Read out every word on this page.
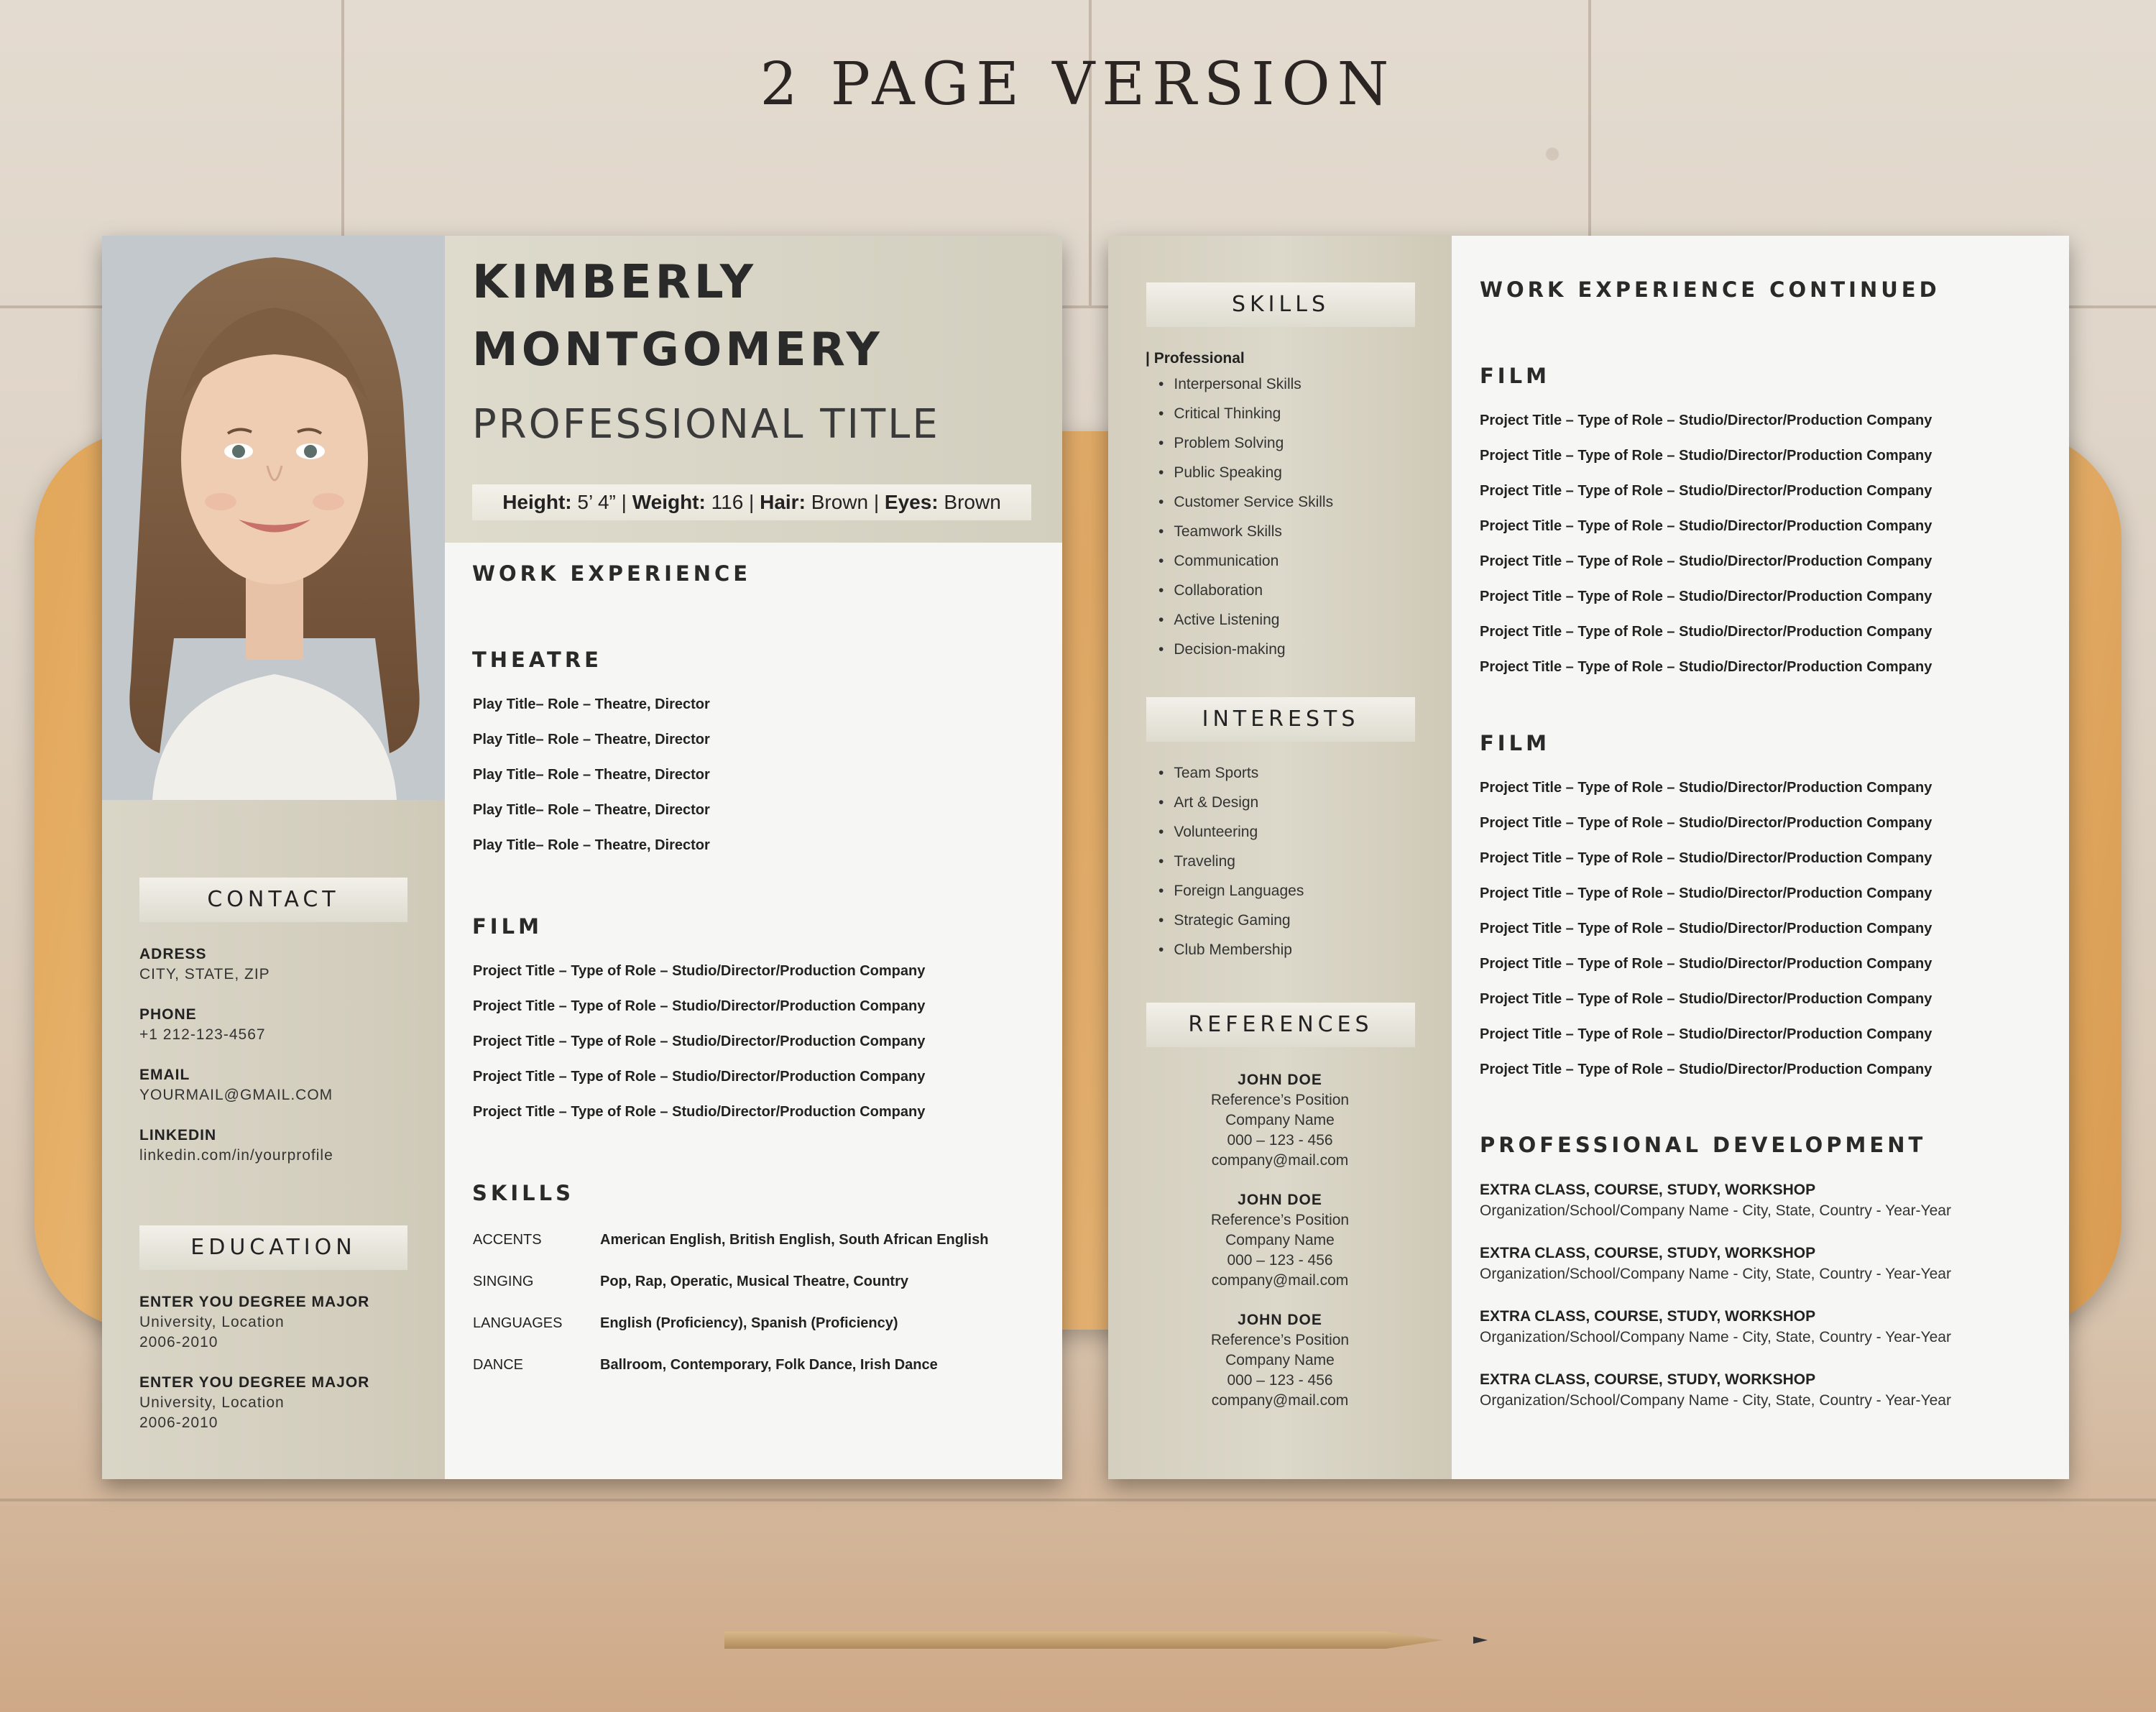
2 PAGE VERSION
KIMBERLY
MONTGOMERY
PROFESSIONAL TITLE
Height: 5’ 4” | Weight: 116 | Hair: Brown | Eyes: Brown
CONTACT
ADRESS
CITY, STATE, ZIP
PHONE
+1 212-123-4567
EMAIL
YOURMAIL@GMAIL.COM
LINKEDIN
linkedin.com/in/yourprofile
EDUCATION
ENTER YOU DEGREE MAJOR
University, Location
2006-2010
ENTER YOU DEGREE MAJOR
University, Location
2006-2010
WORK EXPERIENCE
THEATRE
Play Title– Role – Theatre, Director
Play Title– Role – Theatre, Director
Play Title– Role – Theatre, Director
Play Title– Role – Theatre, Director
Play Title– Role – Theatre, Director
FILM
Project Title – Type of Role – Studio/Director/Production Company
Project Title – Type of Role – Studio/Director/Production Company
Project Title – Type of Role – Studio/Director/Production Company
Project Title – Type of Role – Studio/Director/Production Company
Project Title – Type of Role – Studio/Director/Production Company
SKILLS
ACCENTS	American English, British English, South African English
SINGING	Pop, Rap, Operatic, Musical Theatre, Country
LANGUAGES	English (Proficiency), Spanish (Proficiency)
DANCE	Ballroom, Contemporary, Folk Dance, Irish Dance
SKILLS
| Professional
• Interpersonal Skills
• Critical Thinking
• Problem Solving
• Public Speaking
• Customer Service Skills
• Teamwork Skills
• Communication
• Collaboration
• Active Listening
• Decision-making
INTERESTS
• Team Sports
• Art & Design
• Volunteering
• Traveling
• Foreign Languages
• Strategic Gaming
• Club Membership
REFERENCES
JOHN DOE
Reference’s Position
Company Name
000 – 123 - 456
company@mail.com
JOHN DOE
Reference’s Position
Company Name
000 – 123 - 456
company@mail.com
JOHN DOE
Reference’s Position
Company Name
000 – 123 - 456
company@mail.com
WORK EXPERIENCE CONTINUED
FILM
Project Title – Type of Role – Studio/Director/Production Company
Project Title – Type of Role – Studio/Director/Production Company
Project Title – Type of Role – Studio/Director/Production Company
Project Title – Type of Role – Studio/Director/Production Company
Project Title – Type of Role – Studio/Director/Production Company
Project Title – Type of Role – Studio/Director/Production Company
Project Title – Type of Role – Studio/Director/Production Company
Project Title – Type of Role – Studio/Director/Production Company
FILM
Project Title – Type of Role – Studio/Director/Production Company
Project Title – Type of Role – Studio/Director/Production Company
Project Title – Type of Role – Studio/Director/Production Company
Project Title – Type of Role – Studio/Director/Production Company
Project Title – Type of Role – Studio/Director/Production Company
Project Title – Type of Role – Studio/Director/Production Company
Project Title – Type of Role – Studio/Director/Production Company
Project Title – Type of Role – Studio/Director/Production Company
Project Title – Type of Role – Studio/Director/Production Company
PROFESSIONAL DEVELOPMENT
EXTRA CLASS, COURSE, STUDY, WORKSHOP
Organization/School/Company Name - City, State, Country - Year-Year
EXTRA CLASS, COURSE, STUDY, WORKSHOP
Organization/School/Company Name - City, State, Country - Year-Year
EXTRA CLASS, COURSE, STUDY, WORKSHOP
Organization/School/Company Name - City, State, Country - Year-Year
EXTRA CLASS, COURSE, STUDY, WORKSHOP
Organization/School/Company Name - City, State, Country - Year-Year
